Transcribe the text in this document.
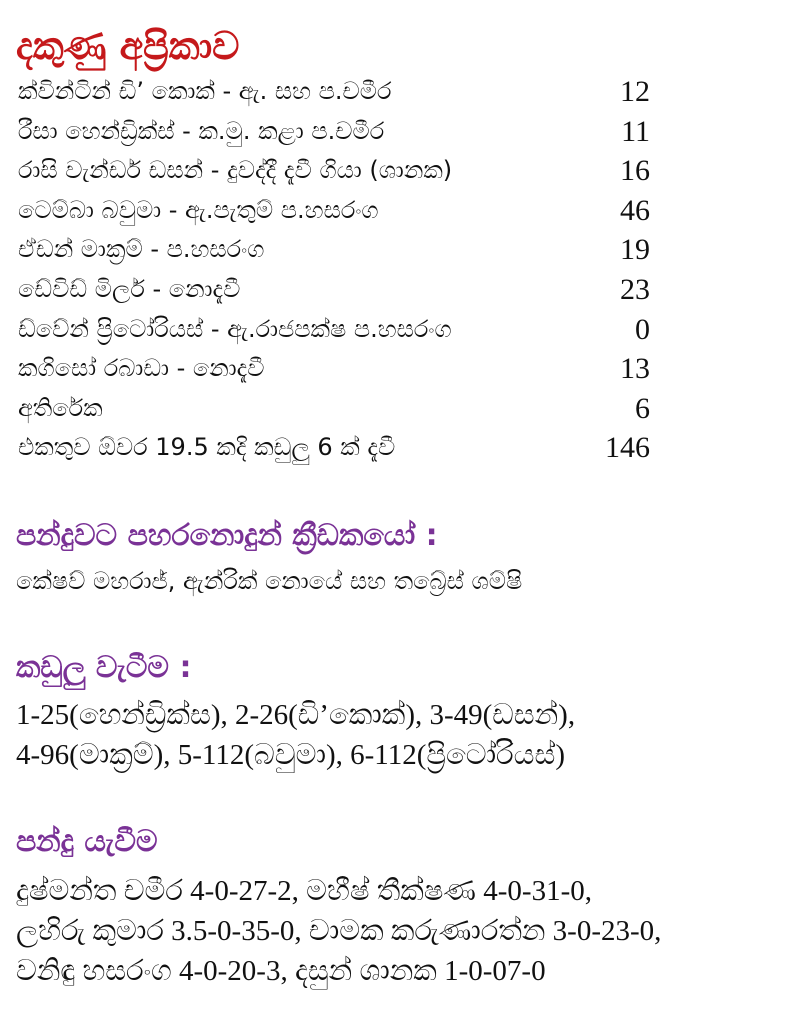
දකුණු අප්‍රිකාව
ක්වින්ටින් ඩි’ කොක් - ඇ. සහ ප.චමීර	12
රීසා හෙන්ඩ්‍රික්ස් - ක.මු. කළා ප.චමීර	11
රාසි වැන්ඩර් ඩසන් - දුවද්දී දැවී ගියා (ශානක)	16
ටෙම්බා බවුමා - ඇ.පැතුම් ප.හසරංග	46
ඒඩන් මාක්‍රම් - ප.හසරංග	19
ඩේවිඩ් මිලර් - නොදැවී	23
ඩ්වේන් ප්‍රිටෝරියස් - ඇ.රාජපක්ෂ ප.හසරංග	0
කගිසෝ රබාඩා - නොදැවී	13
අතිරේක	6
එකතුව ඕවර 19.5 කදි කඩුලු 6 ක් දැවී	146
පන්දුවට පහරනොදුන් ක්‍රීඩකයෝ :

කේෂව් මහරාජ්, ඇන්රික් නොයේ සහ තබ්‍රේස් ශම්ෂි

කඩුලු වැටීම :

1-25(හෙන්ඩ්‍රික්ස), 2-26(ඩි’කොක්), 3-49(ඩසන්),

4-96(මාක්‍රම්), 5-112(බවුමා), 6-112(ප්‍රිටෝරියස්)

පන්දු යැවීම

දුෂ්මන්ත චමීර 4-0-27-2, මහීෂ් තීක්ෂණ 4-0-31-0,

ලහිරු කුමාර 3.5-0-35-0, චාමක කරුණාරත්න 3-0-23-0,

වනිඳු හසරංග 4-0-20-3, දසුන් ශානක 1-0-07-0
